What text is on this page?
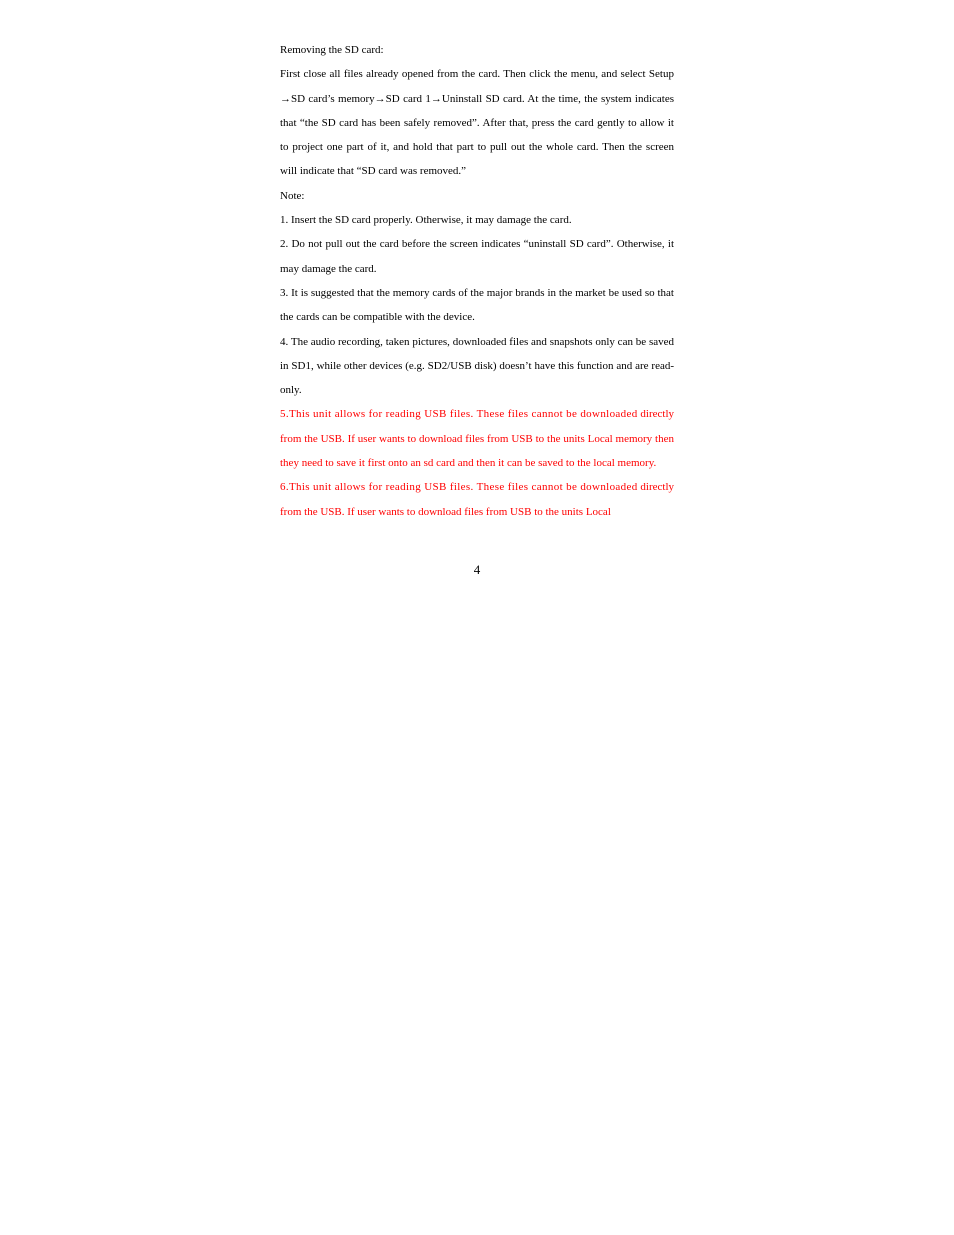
Removing the SD card:

First close all files already opened from the card. Then click the menu, and select Setup →SD card’s memory→SD card 1→Uninstall SD card. At the time, the system indicates that “the SD card has been safely removed”. After that, press the card gently to allow it to project one part of it, and hold that part to pull out the whole card. Then the screen will indicate that “SD card was removed.”

Note:

1. Insert the SD card properly. Otherwise, it may damage the card.

2. Do not pull out the card before the screen indicates “uninstall SD card”. Otherwise, it may damage the card.

3. It is suggested that the memory cards of the major brands in the market be used so that the cards can be compatible with the device.

4. The audio recording, taken pictures, downloaded files and snapshots only can be saved in SD1, while other devices (e.g. SD2/USB disk) doesn’t have this function and are read-only.

5.This unit allows for reading USB files. These files cannot be downloaded directly from the USB. If user wants to download files from USB to the units Local memory then they need to save it first onto an sd card and then it can be saved to the local memory.

6.This unit allows for reading USB files. These files cannot be downloaded directly from the USB. If user wants to download files from USB to the units Local

4
